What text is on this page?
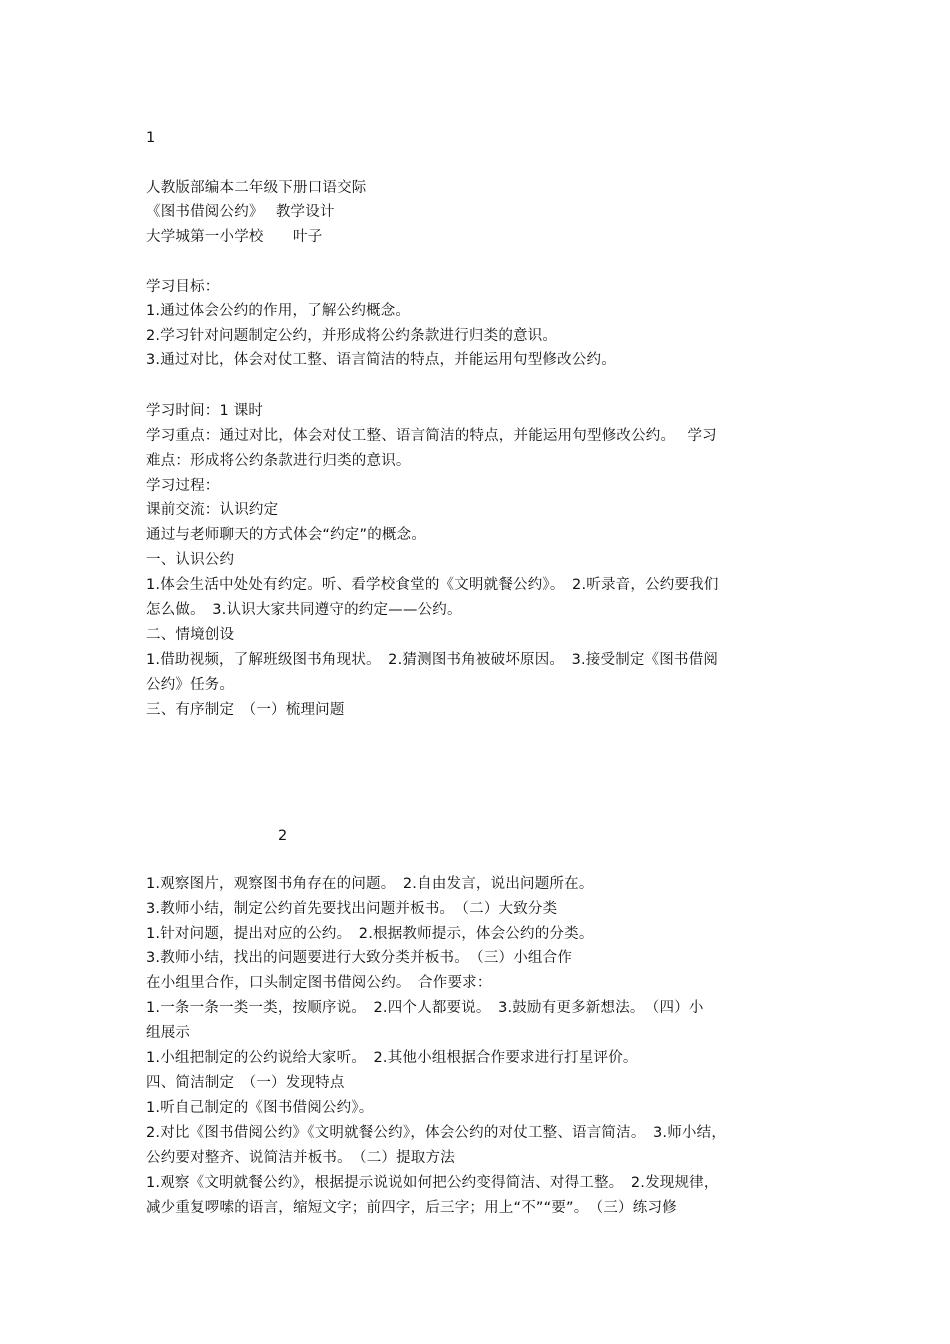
1
人教版部编本二年级下册口语交际
《图书借阅公约》　 教学设计
大学城第一小学校　　叶子
学习目标：
1.通过体会公约的作用，了解公约概念。
2.学习针对问题制定公约，并形成将公约条款进行归类的意识。
3.通过对比，体会对仗工整、语言简洁的特点，并能运用句型修改公约。
学习时间：1 课时
学习重点：通过对比，体会对仗工整、语言简洁的特点，并能运用句型修改公约。　 学习
难点：形成将公约条款进行归类的意识。
学习过程：
课前交流：认识约定
通过与老师聊天的方式体会“约定”的概念。
一、认识公约
1.体会生活中处处有约定。听、看学校食堂的《文明就餐公约》。　2.听录音，公约要我们
怎么做。　3.认识大家共同遵守的约定——公约。
二、情境创设
1.借助视频，了解班级图书角现状。　2.猜测图书角被破坏原因。　3.接受制定《图书借阅
公约》任务。
三、有序制定　（一）梳理问题
2
1.观察图片，观察图书角存在的问题。　2.自由发言，说出问题所在。
3.教师小结，制定公约首先要找出问题并板书。　（二）大致分类
1.针对问题，提出对应的公约。　2.根据教师提示，体会公约的分类。
3.教师小结，找出的问题要进行大致分类并板书。　（三）小组合作
在小组里合作，口头制定图书借阅公约。　合作要求：
1.一条一条一类一类，按顺序说。　2.四个人都要说。　3.鼓励有更多新想法。　（四）小
组展示
1.小组把制定的公约说给大家听。　2.其他小组根据合作要求进行打星评价。
四、简洁制定　（一）发现特点
1.听自己制定的《图书借阅公约》。
2.对比《图书借阅公约》《文明就餐公约》，体会公约的对仗工整、语言简洁。　3.师小结，
公约要对整齐、说简洁并板书。　（二）提取方法
1.观察《文明就餐公约》，根据提示说说如何把公约变得简洁、对得工整。　2.发现规律，
减少重复啰嗦的语言，缩短文字；前四字，后三字；用上“不”“要”。　（三）练习修
